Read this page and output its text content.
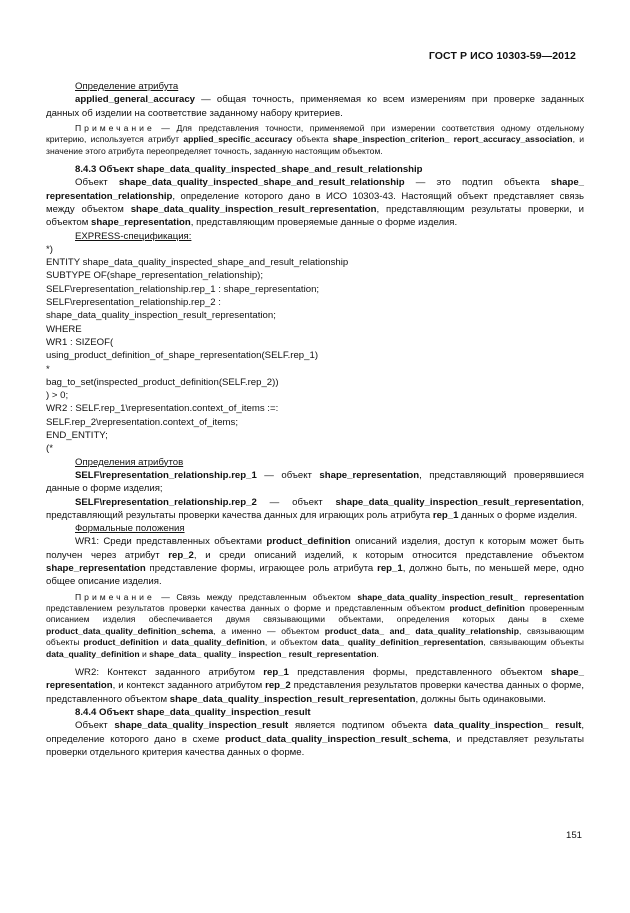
ГОСТ Р ИСО 10303-59—2012

Определение атрибута

applied_general_accuracy — общая точность, применяемая ко всем измерениям при проверке заданных данных об изделии на соответствие заданному набору критериев.

Примечание — Для представления точности, применяемой при измерении соответствия одному отдельному критерию, используется атрибут applied_specific_accuracy объекта shape_inspection_criterion_ report_accuracy_association, и значение этого атрибута переопределяет точность, заданную настоящим объектом.

8.4.3 Объект shape_data_quality_inspected_shape_and_result_relationship

Объект shape_data_quality_inspected_shape_and_result_relationship — это подтип объекта shape_ representation_relationship, определение которого дано в ИСО 10303-43. Настоящий объект представляет связь между объектом shape_data_quality_inspection_result_representation, представляющим результаты проверки, и объектом shape_representation, представляющим проверяемые данные о форме изделия.

EXPRESS-спецификация:

*)

ENTITY shape_data_quality_inspected_shape_and_result_relationship

SUBTYPE OF(shape_representation_relationship);

SELF\representation_relationship.rep_1 : shape_representation;

SELF\representation_relationship.rep_2 :

shape_data_quality_inspection_result_representation;

WHERE

WR1 : SIZEOF(

using_product_definition_of_shape_representation(SELF.rep_1)

*

bag_to_set(inspected_product_definition(SELF.rep_2))

) > 0;

WR2 : SELF.rep_1\representation.context_of_items :=:

SELF.rep_2\representation.context_of_items;

END_ENTITY;

(*

Определения атрибутов

SELF\representation_relationship.rep_1 — объект shape_representation, представляющий проверявшиеся данные о форме изделия;

SELF\representation_relationship.rep_2 — объект shape_data_quality_inspection_result_representation, представляющий результаты проверки качества данных для играющих роль атрибута rep_1 данных о форме изделия.

Формальные положения

WR1: Среди представленных объектами product_definition описаний изделия, доступ к которым может быть получен через атрибут rep_2, и среди описаний изделий, к которым относится представление объектом shape_representation представление формы, играющее роль атрибута rep_1, должно быть, по меньшей мере, одно общее описание изделия.

Примечание — Связь между представленным объектом shape_data_quality_inspection_result_ representation представлением результатов проверки качества данных о форме и представленным объектом product_definition проверенным описанием изделия обеспечивается двумя связывающими объектами, определения которых даны в схеме product_data_quality_definition_schema, а именно — объектом product_data_ and_ data_quality_relationship, связывающим объекты product_definition и data_quality_definition, и объектом data_ quality_definition_representation, связывающим объекты data_quality_definition и shape_data_ quality_ inspection_ result_representation.

WR2: Контекст заданного атрибутом rep_1 представления формы, представленного объектом shape_ representation, и контекст заданного атрибутом rep_2 представления результатов проверки качества данных о форме, представленного объектом shape_data_quality_inspection_result_representation, должны быть одинаковыми.

8.4.4 Объект shape_data_quality_inspection_result

Объект shape_data_quality_inspection_result является подтипом объекта data_quality_inspection_ result, определение которого дано в схеме product_data_quality_inspection_result_schema, и представляет результаты проверки отдельного критерия качества данных о форме.

151
